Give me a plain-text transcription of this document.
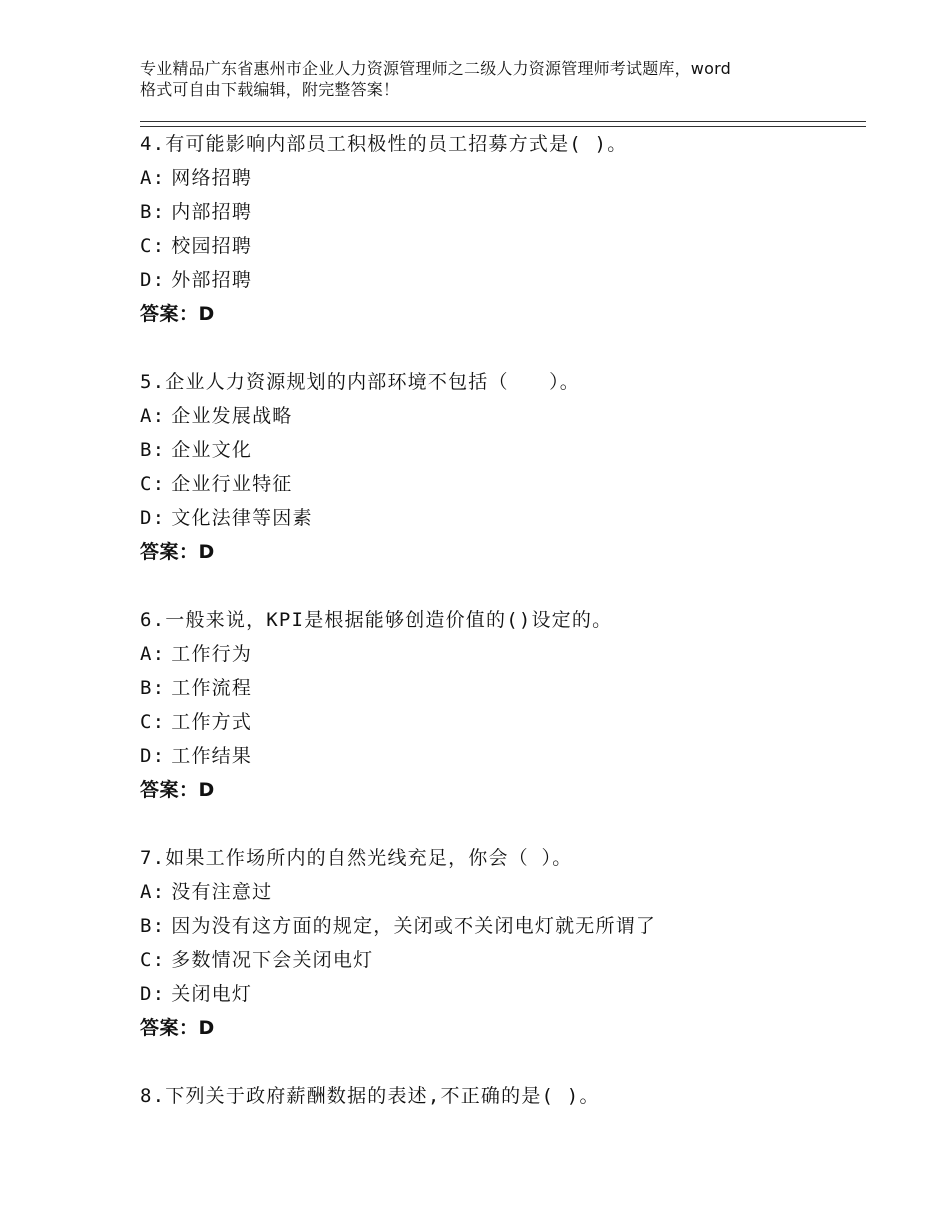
专业精品广东省惠州市企业人力资源管理师之二级人力资源管理师考试题库，word
格式可自由下载编辑，附完整答案！
4.有可能影响内部员工积极性的员工招募方式是( )。
A: 网络招聘
B: 内部招聘
C: 校园招聘
D: 外部招聘
答案：D
5.企业人力资源规划的内部环境不包括（　　）。
A: 企业发展战略
B: 企业文化
C: 企业行业特征
D: 文化法律等因素
答案：D
6.一般来说，KPI是根据能够创造价值的()设定的。
A: 工作行为
B: 工作流程
C: 工作方式
D: 工作结果
答案：D
7.如果工作场所内的自然光线充足，你会（ ）。
A: 没有注意过
B: 因为没有这方面的规定，关闭或不关闭电灯就无所谓了
C: 多数情况下会关闭电灯
D: 关闭电灯
答案：D
8.下列关于政府薪酬数据的表述,不正确的是( )。
